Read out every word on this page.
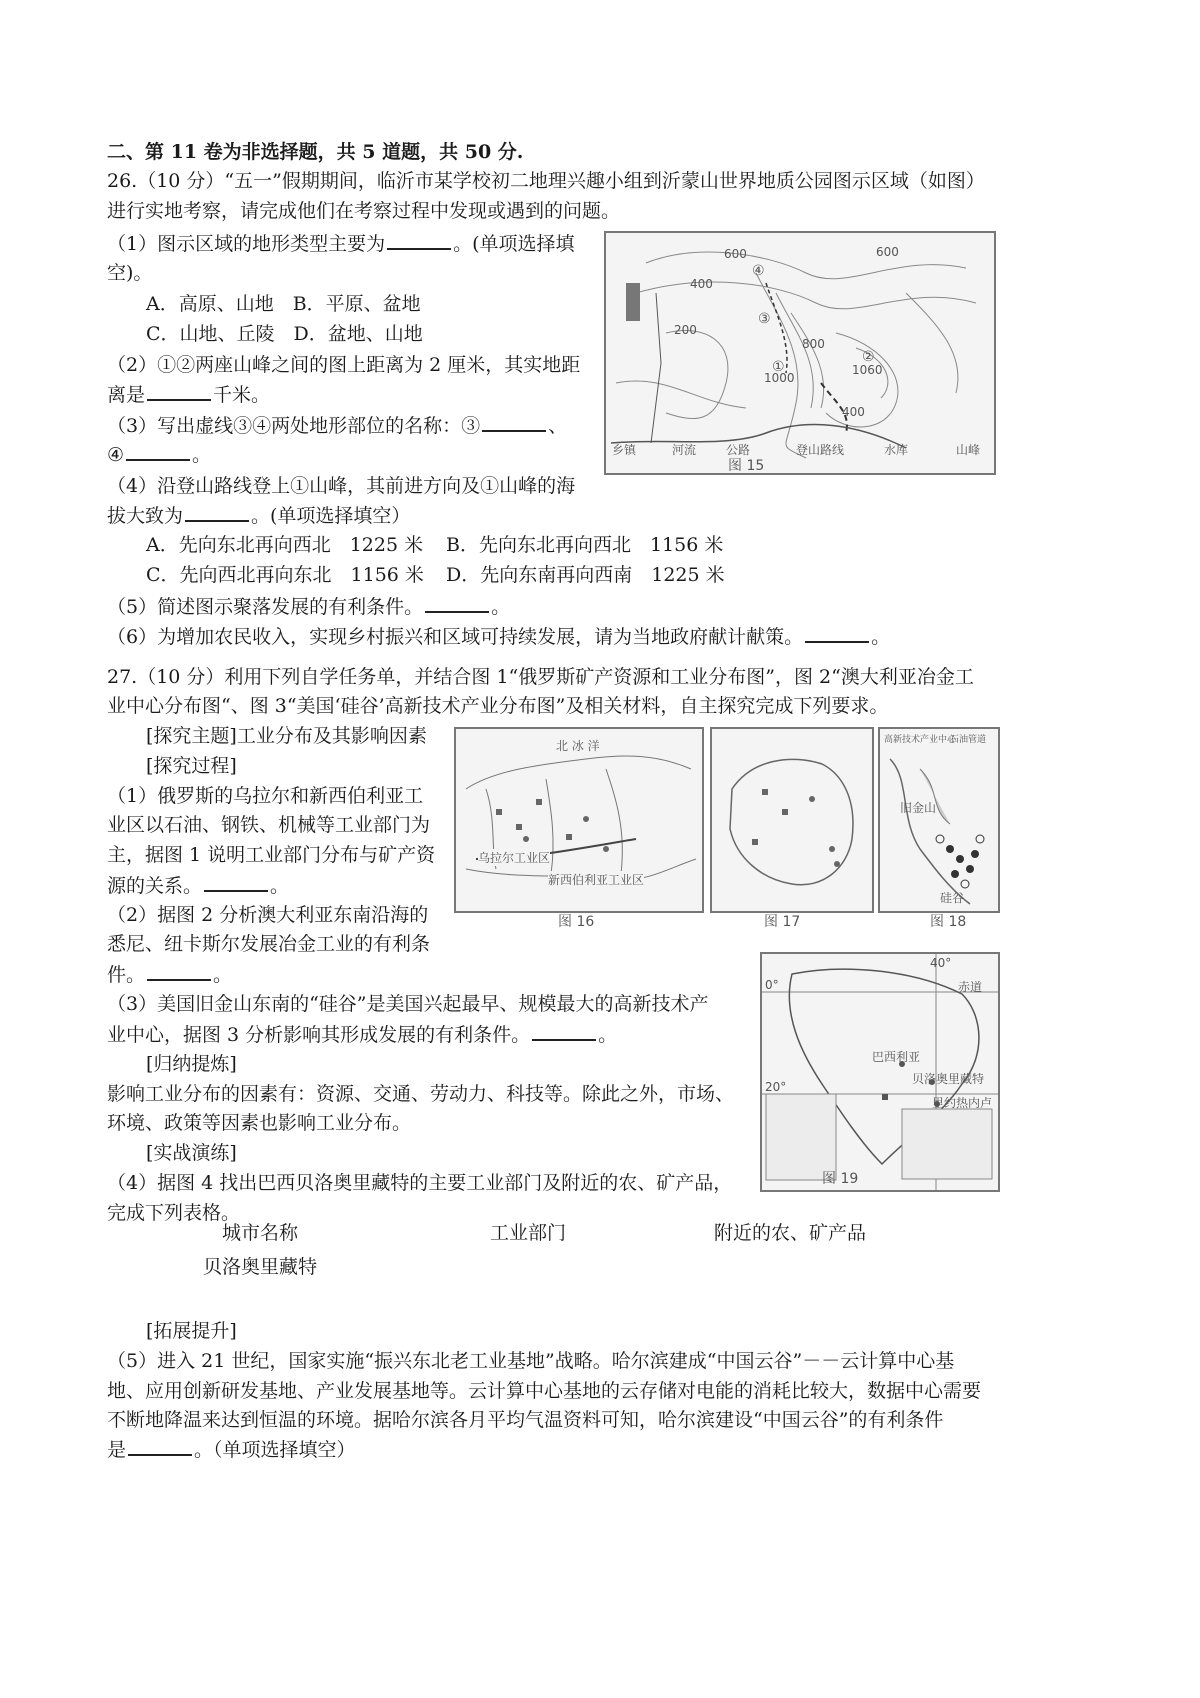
二、第 11 卷为非选择题，共 5 道题，共 50 分.
26.（10 分）“五一”假期期间，临沂市某学校初二地理兴趣小组到沂蒙山世界地质公园图示区域（如图）
进行实地考察，请完成他们在考察过程中发现或遇到的问题。
（1）图示区域的地形类型主要为	。(单项选择填
空)。
A．高原、山地　B．平原、盆地
C．山地、丘陵　D．盆地、山地
（2）①②两座山峰之间的图上距离为 2 厘米，其实地距
离是	千米。
（3）写出虚线③④两处地形部位的名称：③	、
④	。
（4）沿登山路线登上①山峰，其前进方向及①山峰的海
拔大致为	。(单项选择填空）
A．先向东北再向西北　1225 米 B．先向东北再向西北　1156 米
C．先向西北再向东北　1156 米 D．先向东南再向西南　1225 米
（5）简述图示聚落发展的有利条件。	。
（6）为增加农民收入，实现乡村振兴和区域可持续发展，请为当地政府献计献策。	。
600
400
200
800
1000
600
400
1060
①
②
③
④
乡镇	河流 公路	登山路线	水库	山峰
图 15
27.（10 分）利用下列自学任务单，并结合图 1“俄罗斯矿产资源和工业分布图”，图 2“澳大利亚冶金工
业中心分布图“、图 3“美国‘硅谷’高新技术产业分布图”及相关材料，自主探究完成下列要求。
[探究主题]工业分布及其影响因素
[探究过程]
（1）俄罗斯的乌拉尔和新西伯利亚工
业区以石油、钢铁、机械等工业部门为
主，据图 1 说明工业部门分布与矿产资
源的关系。	。
（2）据图 2 分析澳大利亚东南沿海的
悉尼、纽卡斯尔发展冶金工业的有利条
件。	。
（3）美国旧金山东南的“硅谷”是美国兴起最早、规模最大的高新技术产
业中心，据图 3 分析影响其形成发展的有利条件。	。
[归纳提炼]
影响工业分布的因素有：资源、交通、劳动力、科技等。除此之外，市场、
环境、政策等因素也影响工业分布。
[实战演练]
（4）据图 4 找出巴西贝洛奥里藏特的主要工业部门及附近的农、矿产品，
完成下列表格。
城市名称	工业部门	附近的农、矿产品
贝洛奥里藏特
[拓展提升]
（5）进入 21 世纪，国家实施“振兴东北老工业基地”战略。哈尔滨建成“中国云谷”－－云计算中心基
地、应用创新研发基地、产业发展基地等。云计算中心基地的云存储对电能的消耗比较大，数据中心需要
不断地降温来达到恒温的环境。据哈尔滨各月平均气温资料可知，哈尔滨建设“中国云谷”的有利条件
是	。（单项选择填空）
北 冰 洋
乌拉尔工业区
新西伯利亚工业区
图 16	图 17
高新技术产业中心
石油管道
旧金山
硅谷
图 18
40°
0°	赤道
20°
巴西利亚
贝洛奥里藏特
里约热内卢
图 19
